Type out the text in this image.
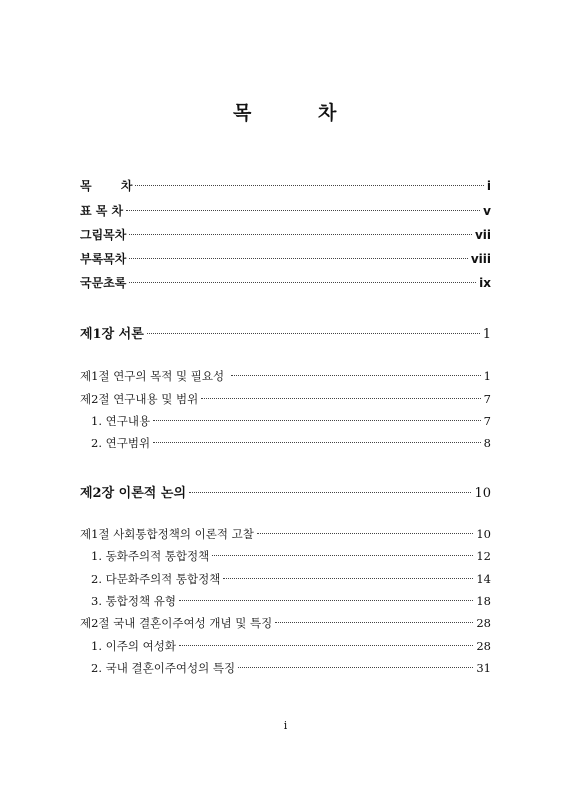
목	차
목       차	i
표 목 차	v
그림목차	vii
부록목차	viii
국문초록	ix
제1장 서론	1
제1절 연구의 목적 및 필요성	1
제2절 연구내용 및 범위	7
1. 연구내용	7
2. 연구범위	8
제2장 이론적 논의	10
제1절 사회통합정책의 이론적 고찰	10
1. 동화주의적 통합정책	12
2. 다문화주의적 통합정책	14
3. 통합정책 유형	18
제2절 국내 결혼이주여성 개념 및 특징	28
1. 이주의 여성화	28
2. 국내 결혼이주여성의 특징	31
i
